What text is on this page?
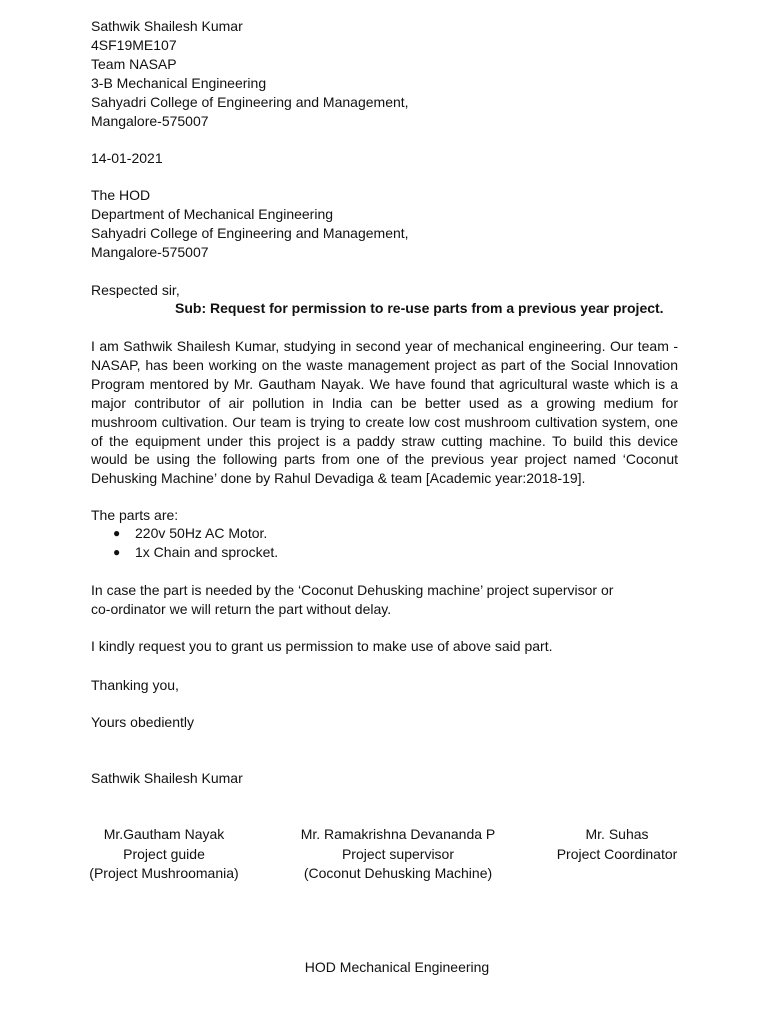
Sathwik Shailesh Kumar
4SF19ME107
Team NASAP
3-B Mechanical Engineering
Sahyadri College of Engineering and Management,
Mangalore-575007
14-01-2021
The HOD
Department of Mechanical Engineering
Sahyadri College of Engineering and Management,
Mangalore-575007
Respected sir,
Sub: Request for permission to re-use parts from a previous year project.
I am Sathwik Shailesh Kumar, studying in second year of mechanical engineering. Our team - NASAP, has been working on the waste management project as part of the Social Innovation Program mentored by Mr. Gautham Nayak. We have found that agricultural waste which is a major contributor of air pollution in India can be better used as a growing medium for mushroom cultivation. Our team is trying to create low cost mushroom cultivation system, one of the equipment under this project is a paddy straw cutting machine. To build this device would be using the following parts from one of the previous year project named ‘Coconut Dehusking Machine’ done by Rahul Devadiga & team [Academic year:2018-19].
The parts are:
● 220v 50Hz AC Motor.
● 1x Chain and sprocket.
In case the part is needed by the ‘Coconut Dehusking machine’ project supervisor or
co-ordinator we will return the part without delay.
I kindly request you to grant us permission to make use of above said part.
Thanking you,
Yours obediently
Sathwik Shailesh Kumar
Mr.Gautham Nayak
Project guide
(Project Mushroomania)
Mr. Ramakrishna Devananda P
Project supervisor
(Coconut Dehusking Machine)
Mr. Suhas
Project Coordinator
HOD Mechanical Engineering
